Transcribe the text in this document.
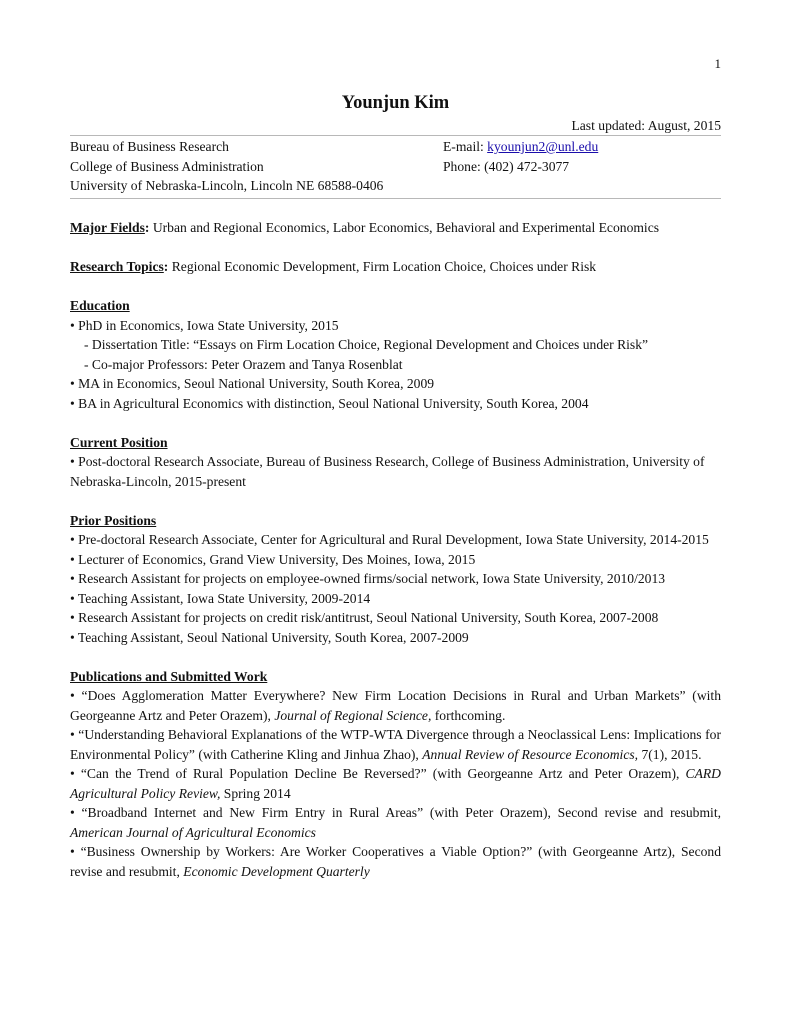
1
Younjun Kim
Last updated: August, 2015
Bureau of Business Research
College of Business Administration
University of Nebraska-Lincoln, Lincoln NE 68588-0406
E-mail: kyounjun2@unl.edu
Phone: (402) 472-3077
Major Fields: Urban and Regional Economics, Labor Economics, Behavioral and Experimental Economics
Research Topics: Regional Economic Development, Firm Location Choice, Choices under Risk
Education
• PhD in Economics, Iowa State University, 2015
- Dissertation Title: “Essays on Firm Location Choice, Regional Development and Choices under Risk”
- Co-major Professors: Peter Orazem and Tanya Rosenblat
• MA in Economics, Seoul National University, South Korea, 2009
• BA in Agricultural Economics with distinction, Seoul National University, South Korea, 2004
Current Position
• Post-doctoral Research Associate, Bureau of Business Research, College of Business Administration, University of Nebraska-Lincoln, 2015-present
Prior Positions
• Pre-doctoral Research Associate, Center for Agricultural and Rural Development, Iowa State University, 2014-2015
• Lecturer of Economics, Grand View University, Des Moines, Iowa, 2015
• Research Assistant for projects on employee-owned firms/social network, Iowa State University, 2010/2013
• Teaching Assistant, Iowa State University, 2009-2014
• Research Assistant for projects on credit risk/antitrust, Seoul National University, South Korea, 2007-2008
• Teaching Assistant, Seoul National University, South Korea, 2007-2009
Publications and Submitted Work
• “Does Agglomeration Matter Everywhere? New Firm Location Decisions in Rural and Urban Markets” (with Georgeanne Artz and Peter Orazem), Journal of Regional Science, forthcoming.
• “Understanding Behavioral Explanations of the WTP-WTA Divergence through a Neoclassical Lens: Implications for Environmental Policy” (with Catherine Kling and Jinhua Zhao), Annual Review of Resource Economics, 7(1), 2015.
• “Can the Trend of Rural Population Decline Be Reversed?” (with Georgeanne Artz and Peter Orazem), CARD Agricultural Policy Review, Spring 2014
• “Broadband Internet and New Firm Entry in Rural Areas” (with Peter Orazem), Second revise and resubmit, American Journal of Agricultural Economics
• “Business Ownership by Workers: Are Worker Cooperatives a Viable Option?” (with Georgeanne Artz), Second revise and resubmit, Economic Development Quarterly
